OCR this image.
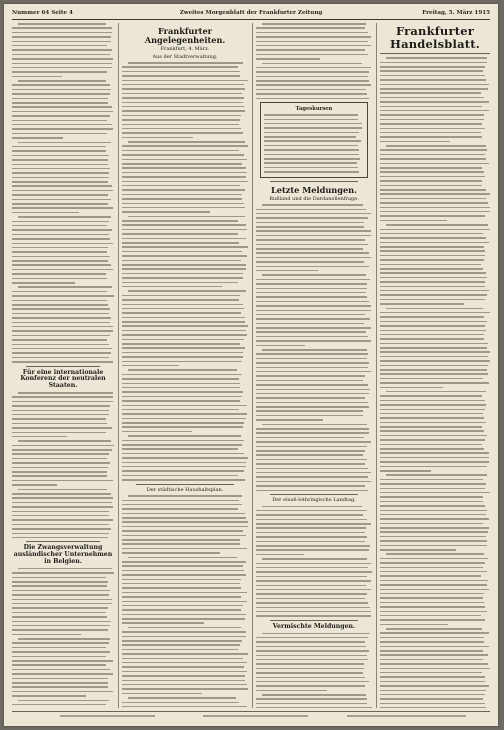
Nummer 64 Seite 4	Zweites Morgenblatt der Frankfurter Zeitung	Freitag, 5. März 1915
Für eine internationale Konferenz der neutralen Staaten.
Die Zwangsverwaltung ausländischer Unternehmen in Belgien.
Frankfurter Angelegenheiten.
Frankfurt, 4. März.
Aus der Stadtverwaltung.
Der städtische Haushaltsplan.
Tageskursen
Letzte Meldungen.
Rußland und die Dardanellenfrage.
Der elsaß-lothringische Landtag.
Vermischte Meldungen.
Frankfurter Handelsblatt.
